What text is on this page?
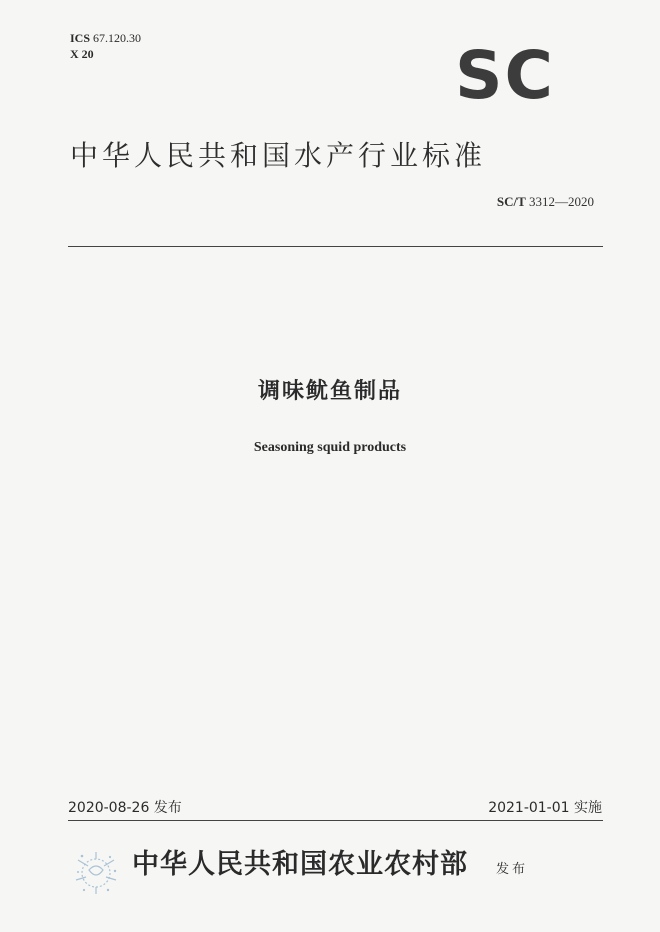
ICS 67.120.30
X 20	SC
中华人民共和国水产行业标准
SC/T 3312—2020
调味鱿鱼制品
Seasoning squid products
2020-08-26 发布	2021-01-01 实施
中华人民共和国农业农村部 发布
